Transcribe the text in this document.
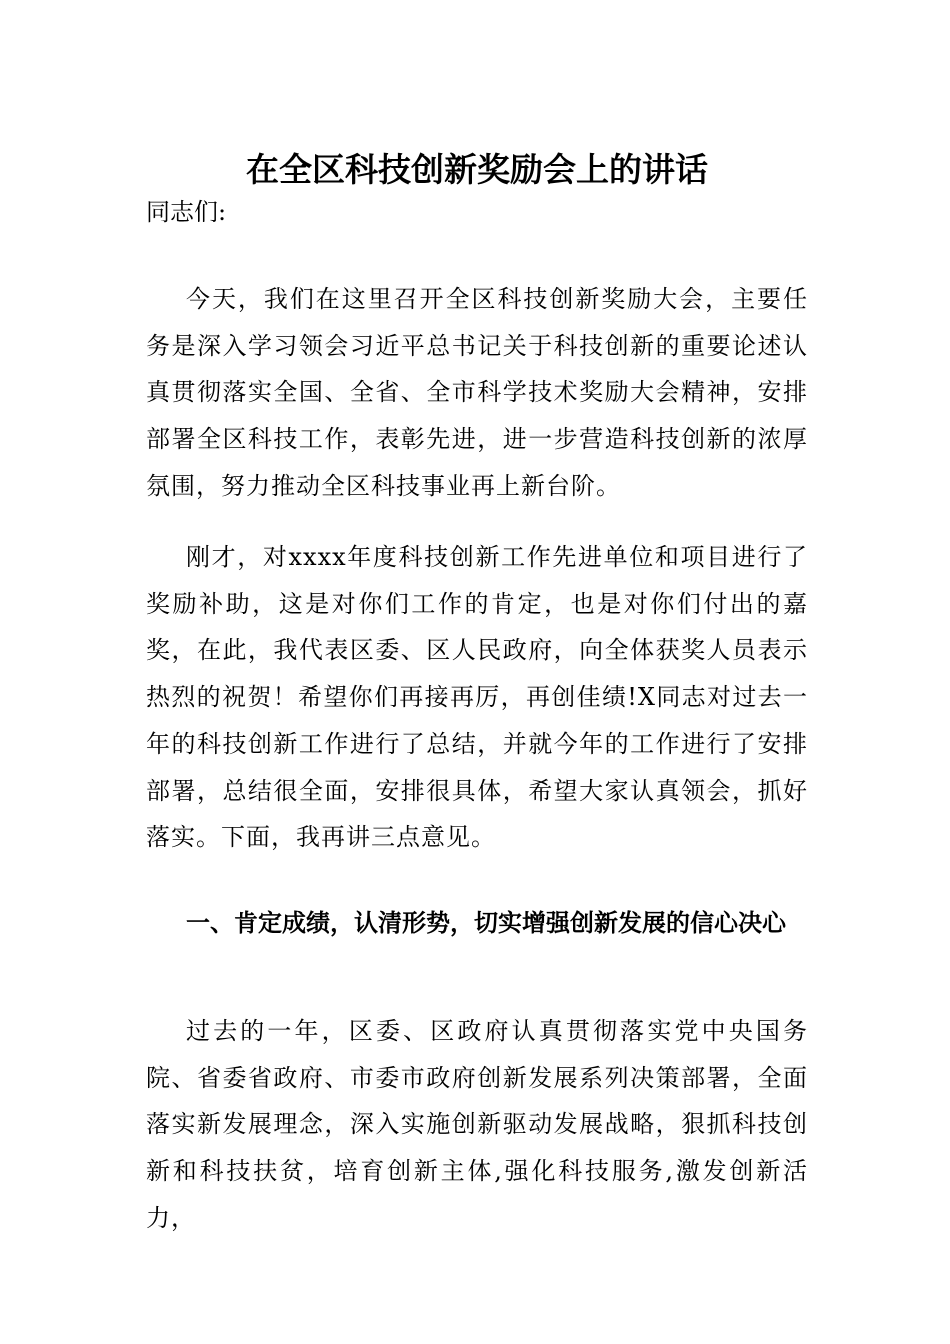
在全区科技创新奖励会上的讲话
同志们:

今天，我们在这里召开全区科技创新奖励大会，主要任务是深入学习领会习近平总书记关于科技创新的重要论述认真贯彻落实全国、全省、全市科学技术奖励大会精神，安排部署全区科技工作，表彰先进，进一步营造科技创新的浓厚氛围，努力推动全区科技事业再上新台阶。

刚才，对xxxx年度科技创新工作先进单位和项目进行了奖励补助，这是对你们工作的肯定，也是对你们付出的嘉奖，在此，我代表区委、区人民政府，向全体获奖人员表示热烈的祝贺！希望你们再接再厉，再创佳绩!X同志对过去一年的科技创新工作进行了总结，并就今年的工作进行了安排部署，总结很全面，安排很具体，希望大家认真领会，抓好落实。下面，我再讲三点意见。

一、肯定成绩，认清形势，切实增强创新发展的信心决心

过去的一年，区委、区政府认真贯彻落实党中央国务院、省委省政府、市委市政府创新发展系列决策部署，全面落实新发展理念，深入实施创新驱动发展战略，狠抓科技创新和科技扶贫，培育创新主体,强化科技服务,激发创新活力，
